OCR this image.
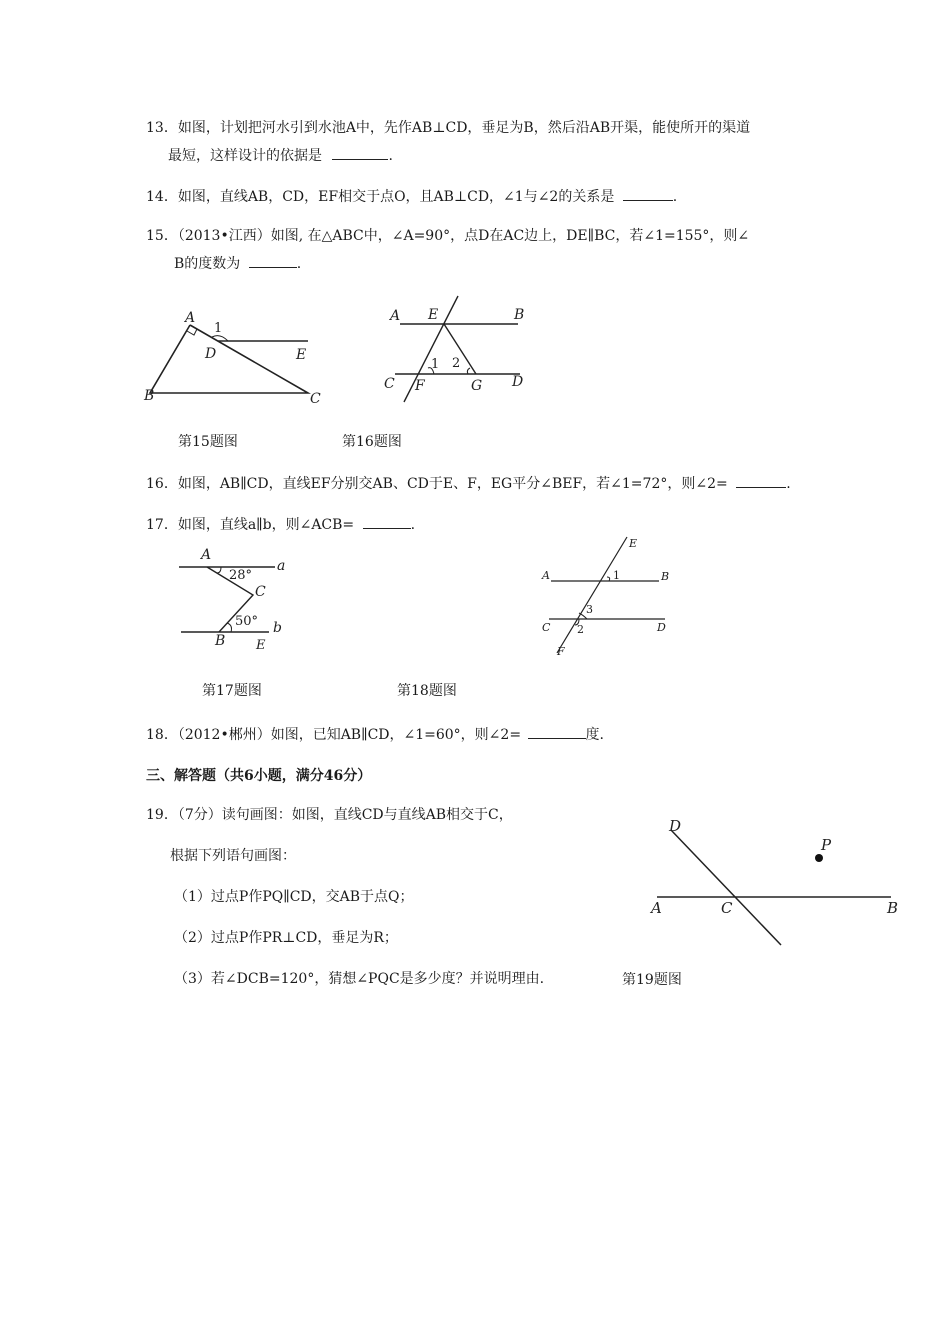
13．如图，计划把河水引到水池A中，先作AB⊥CD，垂足为B，然后沿AB开渠，能使所开的渠道
最短，这样设计的依据是	.
14．如图，直线AB，CD，EF相交于点O，且AB⊥CD，∠1与∠2的关系是	.
15．（2013•江西）如图, 在△ABC中，∠A=90°，点D在AC边上，DE∥BC，若∠1=155°，则∠
B的度数为	.
A
1
D	E
B	C
A E	B
1 2
C F	G D
第15题图	第16题图
16．如图，AB∥CD，直线EF分别交AB、CD于E、F，EG平分∠BEF，若∠1=72°，则∠2=	.
17．如图，直线a∥b，则∠ACB=	.
A
28°
a
C
50° b
B E
E
A	1	B
3
C 2	D
F
第17题图	第18题图
18．（2012•郴州）如图，已知AB∥CD，∠1=60°，则∠2=	度.
三、解答题（共6小题，满分46分）
19．（7分）读句画图：如图，直线CD与直线AB相交于C，
根据下列语句画图：
（1）过点P作PQ∥CD，交AB于点Q；
（2）过点P作PR⊥CD，垂足为R；
（3）若∠DCB=120°，猜想∠PQC是多少度？并说明理由.
D
P
A	C	B
第19题图
